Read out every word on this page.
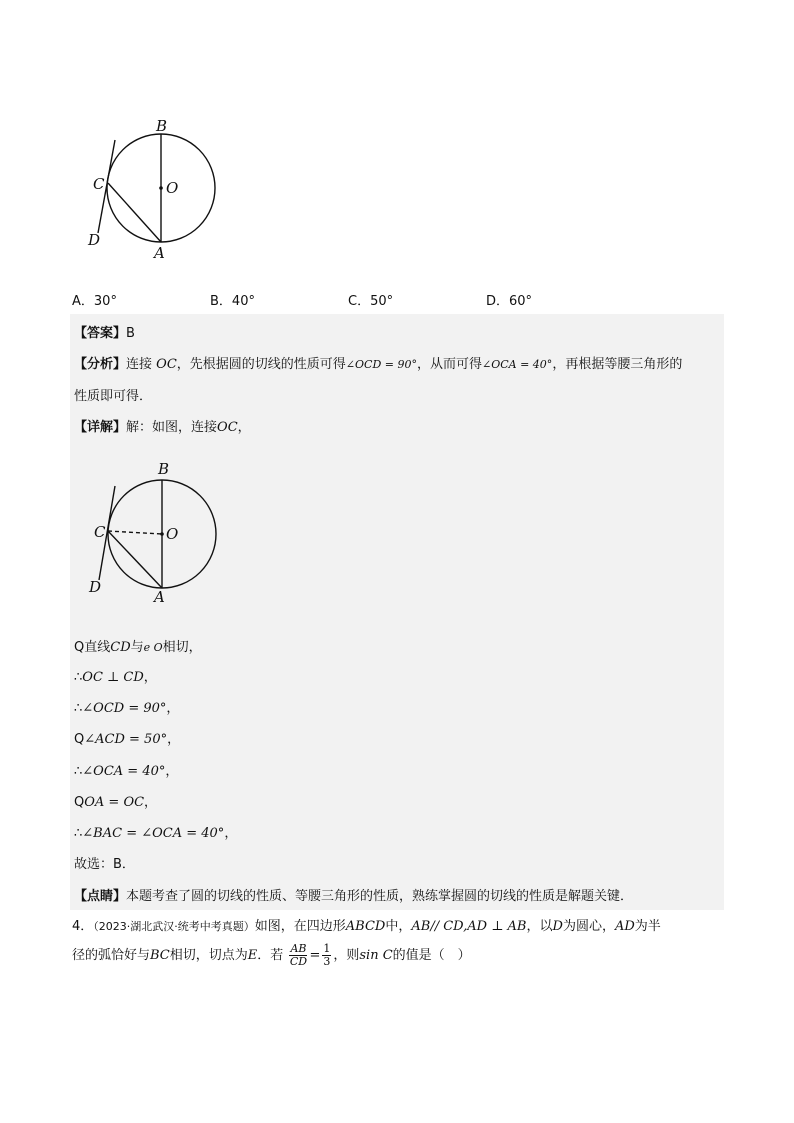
B
O
C
D
A
A．30°	B．40°	C．50°	D．60°
【答案】B
【分析】连接 OC，先根据圆的切线的性质可得∠OCD = 90°，从而可得∠OCA = 40°，再根据等腰三角形的
性质即可得．
【详解】解：如图，连接OC，
B
O
C
D
A
Q直线CD与e O相切，
∴OC ⊥ CD，
∴∠OCD = 90°，
Q∠ACD = 50°，
∴∠OCA = 40°，
QOA = OC，
∴∠BAC = ∠OCA = 40°，
故选：B．
【点睛】本题考查了圆的切线的性质、等腰三角形的性质，熟练掌握圆的切线的性质是解题关键．
4．（2023·湖北武汉·统考中考真题）如图，在四边形ABCD中，AB// CD,AD ⊥ AB，以D为圆心，AD为半
径的弧恰好与BC相切，切点为E．若 $\frac{AB}{CD} = \frac{1}{3}$ ，则sin C的值是（　）
